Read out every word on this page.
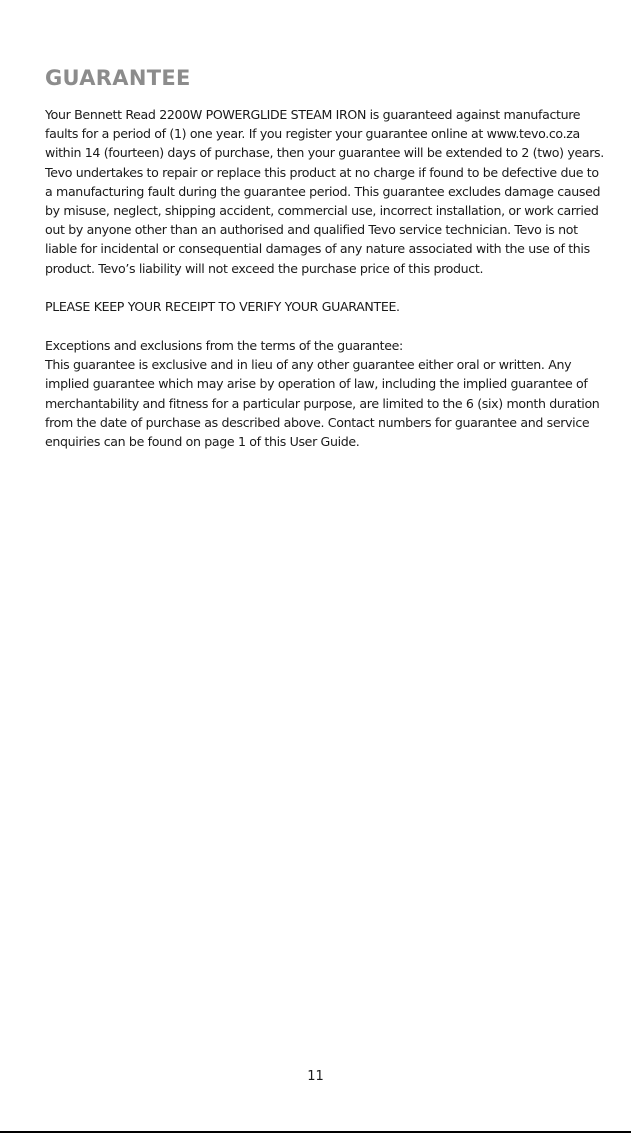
GUARANTEE

Your Bennett Read 2200W POWERGLIDE STEAM IRON is guaranteed against manufacture faults for a period of (1) one year. If you register your guarantee online at www.tevo.co.za within 14 (fourteen) days of purchase, then your guarantee will be extended to 2 (two) years. Tevo undertakes to repair or replace this product at no charge if found to be defective due to a manufacturing fault during the guarantee period. This guarantee excludes damage caused by misuse, neglect, shipping accident, commercial use, incorrect installation, or work carried out by anyone other than an authorised and qualified Tevo service technician. Tevo is not liable for incidental or consequential damages of any nature associated with the use of this product. Tevo’s liability will not exceed the purchase price of this product.

PLEASE KEEP YOUR RECEIPT TO VERIFY YOUR GUARANTEE.

Exceptions and exclusions from the terms of the guarantee:

This guarantee is exclusive and in lieu of any other guarantee either oral or written. Any implied guarantee which may arise by operation of law, including the implied guarantee of merchantability and fitness for a particular purpose, are limited to the 6 (six) month duration from the date of purchase as described above. Contact numbers for guarantee and service enquiries can be found on page 1 of this User Guide.

11
